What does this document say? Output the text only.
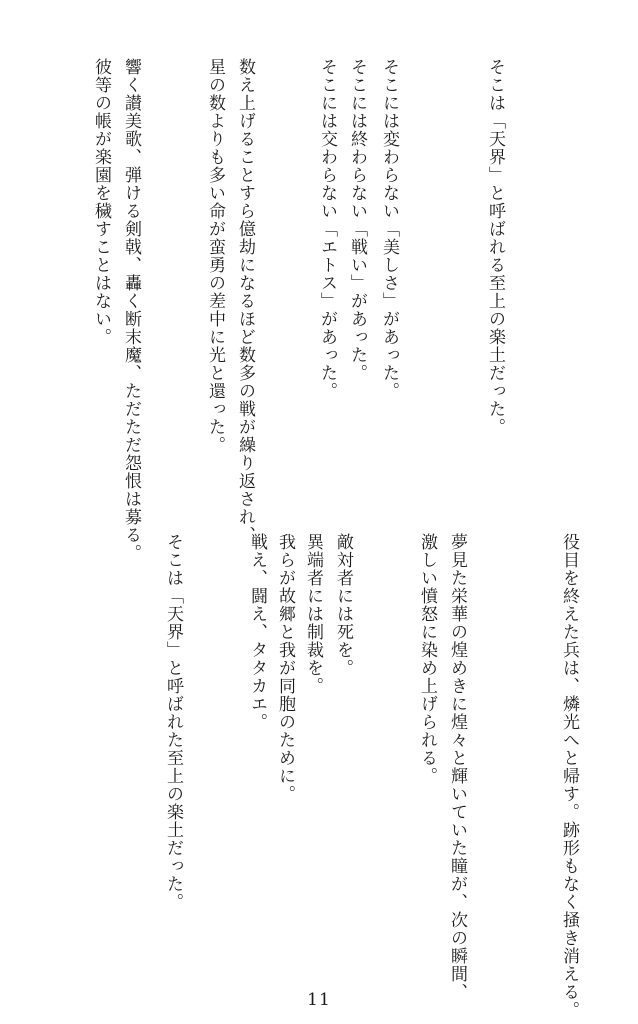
そこは「天界」と呼ばれる至上の楽土だった。
そこには変わらない「美しさ」があった。
そこには終わらない「戦い」があった。
そこには交わらない「エトス」があった。
数え上げることすら億劫になるほど数多の戦が繰り返され、
星の数よりも多い命が蛮勇の差中に光と還った。
響く讃美歌、弾ける剣戟、轟く断末魔、ただただ怨恨は募る。
彼等の帳が楽園を穢すことはない。
役目を終えた兵は、燐光へと帰す。跡形もなく掻き消える。
夢見た栄華の煌めきに煌々と輝いていた瞳が、次の瞬間、
激しい憤怒に染め上げられる。
敵対者には死を。
異端者には制裁を。
我らが故郷と我が同胞のために。
戦え、闘え、タタカエ。
そこは「天界」と呼ばれた至上の楽土だった。
11
